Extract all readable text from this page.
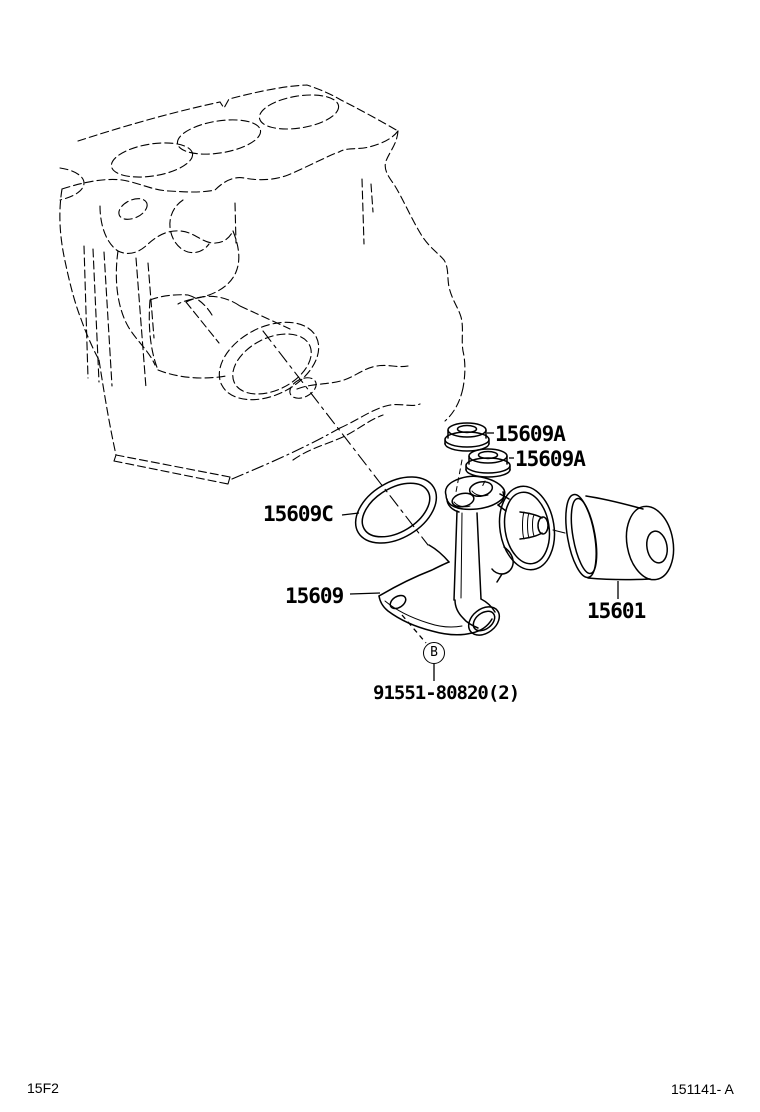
15609A
15609A
15609C
15609
15601
91551-80820(2)
B
15F2	151141- A
